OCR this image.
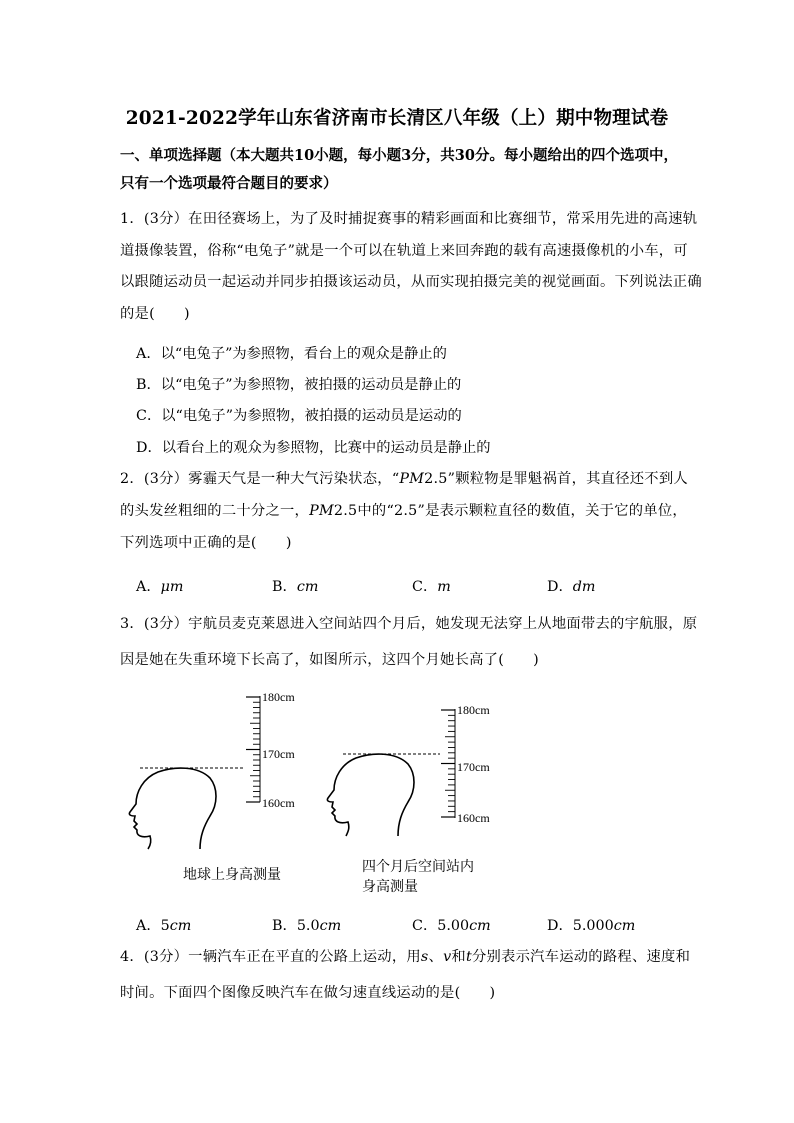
2021-2022学年山东省济南市长清区八年级（上）期中物理试卷
一、单项选择题（本大题共10小题，每小题3分，共30分。每小题给出的四个选项中，
只有一个选项最符合题目的要求）
1．(3分）在田径赛场上，为了及时捕捉赛事的精彩画面和比赛细节，常采用先进的高速轨
道摄像装置，俗称“电兔子”就是一个可以在轨道上来回奔跑的载有高速摄像机的小车，可
以跟随运动员一起运动并同步拍摄该运动员，从而实现拍摄完美的视觉画面。下列说法正确
的是(　　)
A．以“电兔子”为参照物，看台上的观众是静止的
B．以“电兔子”为参照物，被拍摄的运动员是静止的
C．以“电兔子”为参照物，被拍摄的运动员是运动的
D．以看台上的观众为参照物，比赛中的运动员是静止的
2．(3分）雾霾天气是一种大气污染状态，“PM2.5”颗粒物是罪魁祸首，其直径还不到人
的头发丝粗细的二十分之一，PM2.5中的“2.5”是表示颗粒直径的数值，关于它的单位，
下列选项中正确的是(　　)
A．μm	B．cm	C．m	D．dm
3．(3分）宇航员麦克莱恩进入空间站四个月后，她发现无法穿上从地面带去的宇航服，原
因是她在失重环境下长高了，如图所示，这四个月她长高了(　　)
180cm
170cm
160cm
180cm
170cm
160cm
地球上身高测量	四个月后空间站内
身高测量
A．5cm	B．5.0cm	C．5.00cm	D．5.000cm
4．(3分）一辆汽车正在平直的公路上运动，用s、v和t分别表示汽车运动的路程、速度和
时间。下面四个图像反映汽车在做匀速直线运动的是(　　)
